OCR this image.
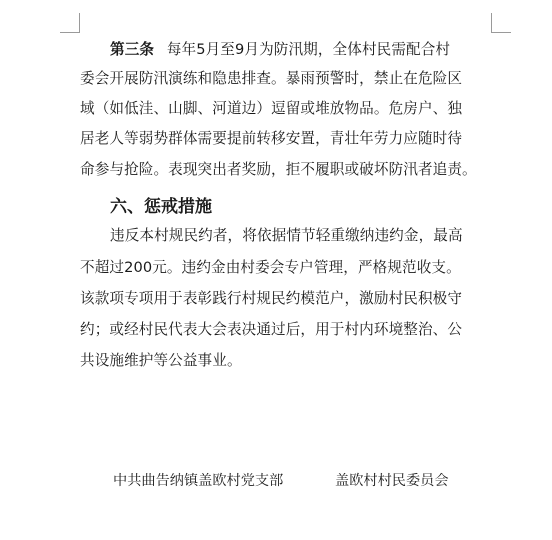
第三条 每年5月至9月为防汛期，全体村民需配合村
委会开展防汛演练和隐患排查。暴雨预警时，禁止在危险区
域（如低洼、山脚、河道边）逗留或堆放物品。危房户、独
居老人等弱势群体需要提前转移安置，青壮年劳力应随时待
命参与抢险。表现突出者奖励，拒不履职或破坏防汛者追责。
六、惩戒措施
违反本村规民约者，将依据情节轻重缴纳违约金，最高
不超过200元。违约金由村委会专户管理，严格规范收支。
该款项专项用于表彰践行村规民约模范户，激励村民积极守
约；或经村民代表大会表决通过后，用于村内环境整治、公
共设施维护等公益事业。
中共曲告纳镇盖欧村党支部	盖欧村村民委员会
